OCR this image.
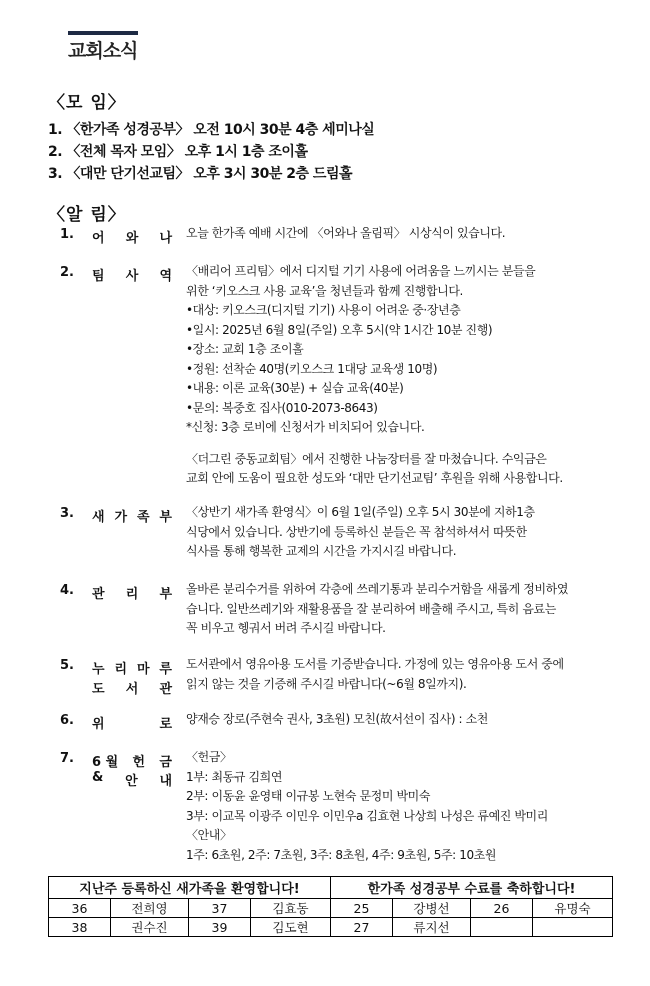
교회소식
〈모 임〉
1. 〈한가족 성경공부〉 오전 10시 30분 4층 세미나실
2. 〈전체 목자 모임〉 오후 1시 1층 조이홀
3. 〈대만 단기선교팀〉 오후 3시 30분 2층 드림홀
〈알 림〉
1. 어 와 나 오늘 한가족 예배 시간에 〈어와나 올림픽〉 시상식이 있습니다.
2. 팀 사 역 〈배리어 프리팀〉에서 디지털 기기 사용에 어려움을 느끼시는 분들을
위한 ‘키오스크 사용 교육’을 청년들과 함께 진행합니다.
•대상: 키오스크(디지털 기기) 사용이 어려운 중·장년층
•일시: 2025년 6월 8일(주일) 오후 5시(약 1시간 10분 진행)
•장소: 교회 1층 조이홀
•정원: 선착순 40명(키오스크 1대당 교육생 10명)
•내용: 이론 교육(30분) + 실습 교육(40분)
•문의: 복중호 집사(010-2073-8643)
*신청: 3층 로비에 신청서가 비치되어 있습니다.
〈더그린 중동교회팀〉에서 진행한 나눔장터를 잘 마쳤습니다. 수익금은
교회 안에 도움이 필요한 성도와 ‘대만 단기선교팀’ 후원을 위해 사용합니다.
3. 새 가 족 부 〈상반기 새가족 환영식〉이 6월 1일(주일) 오후 5시 30분에 지하1층
식당에서 있습니다. 상반기에 등록하신 분들은 꼭 참석하셔서 따뜻한
식사를 통해 행복한 교제의 시간을 가지시길 바랍니다.
4. 관 리 부 올바른 분리수거를 위하여 각층에 쓰레기통과 분리수거함을 새롭게 정비하였
습니다. 일반쓰레기와 재활용품을 잘 분리하여 배출해 주시고, 특히 음료는
꼭 비우고 헹궈서 버려 주시길 바랍니다.
5. 누 리 마 루
도 서 관
도서관에서 영유아용 도서를 기증받습니다. 가정에 있는 영유아용 도서 중에
읽지 않는 것을 기증해 주시길 바랍니다(~6월 8일까지).
6. 위	로 양재승 장로(주현숙 권사, 3초원) 모친(故서선이 집사) : 소천
7. 6 월 헌 금
& 안 내
〈헌금〉
1부: 최동규 김희연
2부: 이동윤 윤영태 이규봉 노현숙 문정미 박미숙
3부: 이교목 이광주 이민우 이민우a 김효현 나상희 나성은 류예진 박미리
〈안내〉
1주: 6초원, 2주: 7초원, 3주: 8초원, 4주: 9초원, 5주: 10초원
지난주 등록하신 새가족을 환영합니다!				한가족 성경공부 수료를 축하합니다!			
36	전희영	37	김효동	25	강병선	26	유명숙
38	권수진	39	김도현	27	류지선		
